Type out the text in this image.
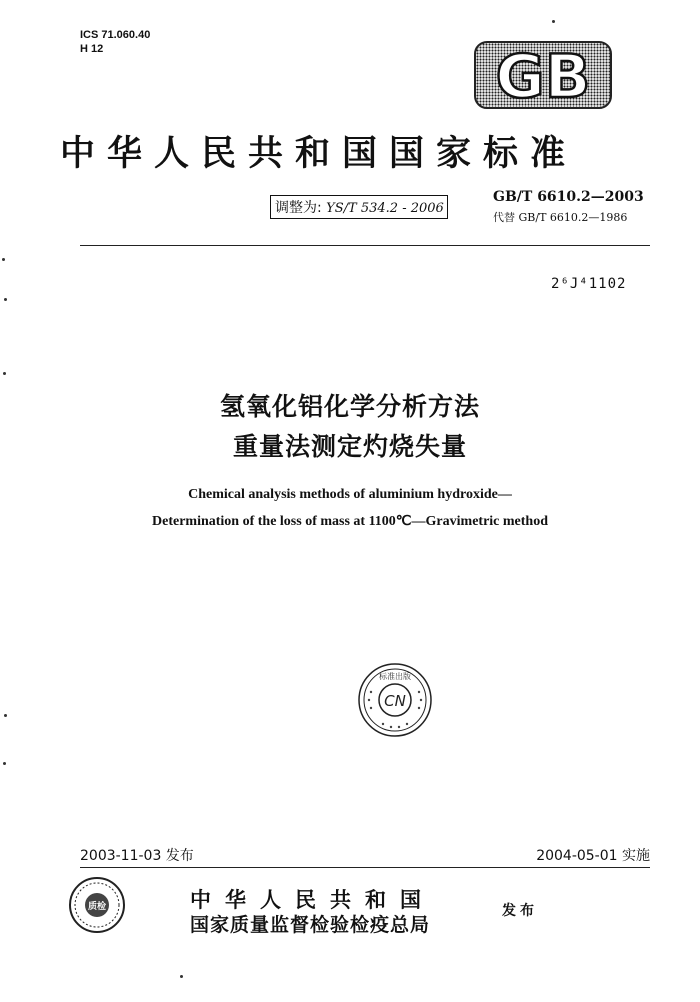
ICS 71.060.40
H 12	GB
中华人民共和国国家标准
调整为: YS/T 534.2 - 2006
GB/T 6610.2—2003
代替 GB/T 6610.2—1986
2⁶J⁴1102
氢氧化铝化学分析方法
重量法测定灼烧失量
Chemical analysis methods of aluminium hydroxide—
Determination of the loss of mass at 1100℃—Gravimetric method
CN
标准出版
2003-11-03 发布	2004-05-01 实施
质检	中华人民共和国
国家质量监督检验检疫总局
发布
